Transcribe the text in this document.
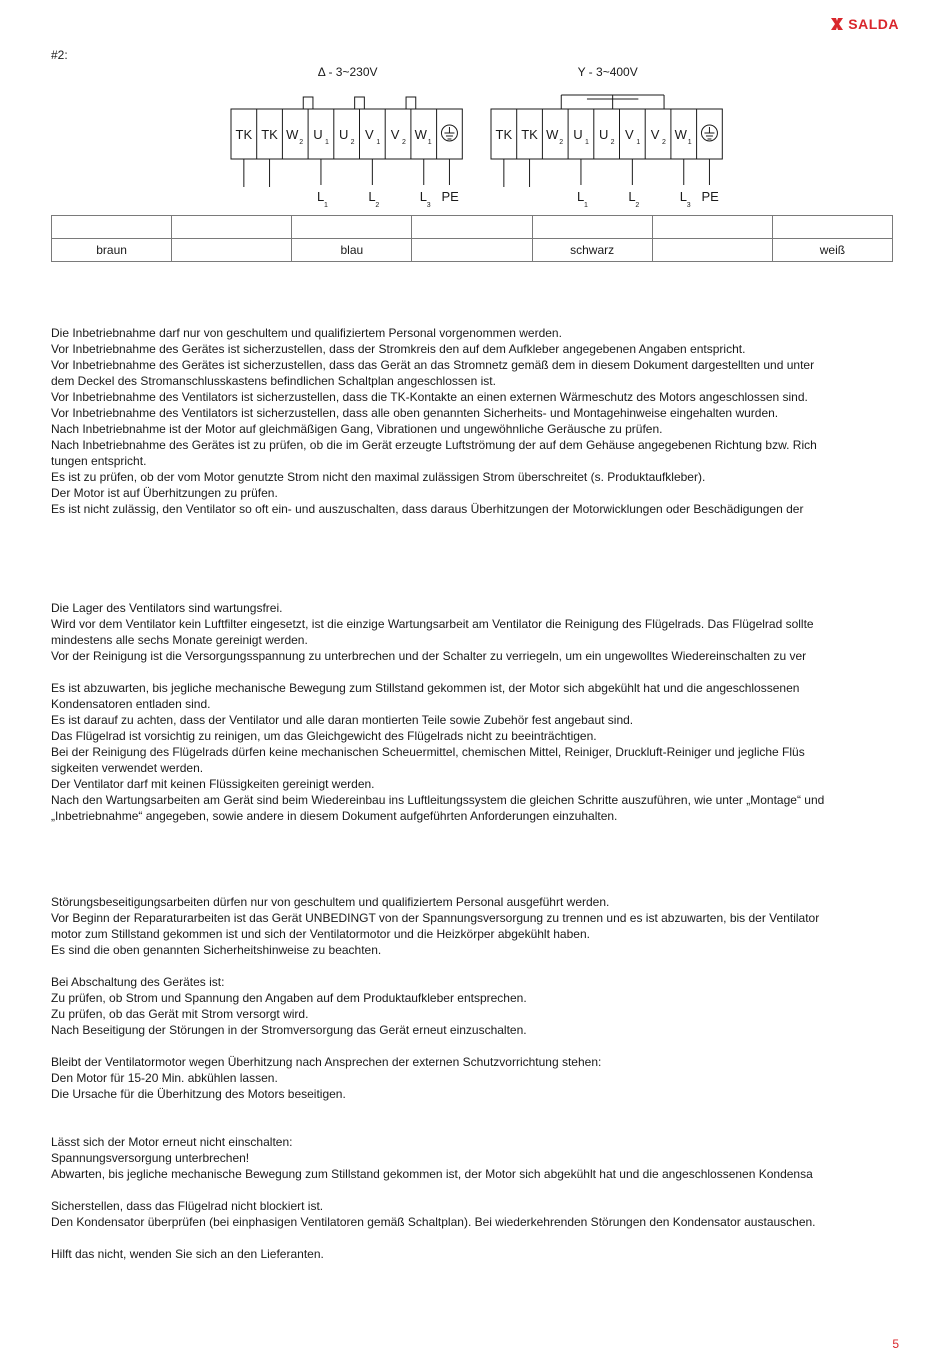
SALDA
#2:
Δ - 3~230V
TK TK W
2
U
1
U
2
V
1
V
2
W
1
L
1
L
2
L
3
PE
Y - 3~400V
TK TK W
2
U
1
U
2
V
1
V
2
W
1
L
1
L
2
L
3
PE

braun		blau		schwarz		weiß

Die Inbetriebnahme darf nur von geschultem und qualifiziertem Personal vorgenommen werden.

Vor Inbetriebnahme des Gerätes ist sicherzustellen, dass der Stromkreis den auf dem Aufkleber angegebenen Angaben entspricht.

Vor Inbetriebnahme des Gerätes ist sicherzustellen, dass das Gerät an das Stromnetz gemäß dem in diesem Dokument dargestellten und unter

dem Deckel des Stromanschlusskastens befindlichen Schaltplan angeschlossen ist.

Vor Inbetriebnahme des Ventilators ist sicherzustellen, dass die TK-Kontakte an einen externen Wärmeschutz des Motors angeschlossen sind.

Vor Inbetriebnahme des Ventilators ist sicherzustellen, dass alle oben genannten Sicherheits- und Montagehinweise eingehalten wurden.

Nach Inbetriebnahme ist der Motor auf gleichmäßigen Gang, Vibrationen und ungewöhnliche Geräusche zu prüfen.

Nach Inbetriebnahme des Gerätes ist zu prüfen, ob die im Gerät erzeugte Luftströmung der auf dem Gehäuse angegebenen Richtung bzw. Rich

tungen entspricht.

Es ist zu prüfen, ob der vom Motor genutzte Strom nicht den maximal zulässigen Strom überschreitet (s. Produktaufkleber).

Der Motor ist auf Überhitzungen zu prüfen.

Es ist nicht zulässig, den Ventilator so oft ein- und auszuschalten, dass daraus Überhitzungen der Motorwicklungen oder Beschädigungen der

Die Lager des Ventilators sind wartungsfrei.

Wird vor dem Ventilator kein Luftfilter eingesetzt, ist die einzige Wartungsarbeit am Ventilator die Reinigung des Flügelrads. Das Flügelrad sollte

mindestens alle sechs Monate gereinigt werden.

Vor der Reinigung ist die Versorgungsspannung zu unterbrechen und der Schalter zu verriegeln, um ein ungewolltes Wiedereinschalten zu ver

Es ist abzuwarten, bis jegliche mechanische Bewegung zum Stillstand gekommen ist, der Motor sich abgekühlt hat und die angeschlossenen

Kondensatoren entladen sind.

Es ist darauf zu achten, dass der Ventilator und alle daran montierten Teile sowie Zubehör fest angebaut sind.

Das Flügelrad ist vorsichtig zu reinigen, um das Gleichgewicht des Flügelrads nicht zu beeinträchtigen.

Bei der Reinigung des Flügelrads dürfen keine mechanischen Scheuermittel, chemischen Mittel, Reiniger, Druckluft-Reiniger und jegliche Flüs

sigkeiten verwendet werden.

Der Ventilator darf mit keinen Flüssigkeiten gereinigt werden.

Nach den Wartungsarbeiten am Gerät sind beim Wiedereinbau ins Luftleitungssystem die gleichen Schritte auszuführen, wie unter „Montage“ und

„Inbetriebnahme“ angegeben, sowie andere in diesem Dokument aufgeführten Anforderungen einzuhalten.

Störungsbeseitigungsarbeiten dürfen nur von geschultem und qualifiziertem Personal ausgeführt werden.

Vor Beginn der Reparaturarbeiten ist das Gerät UNBEDINGT von der Spannungsversorgung zu trennen und es ist abzuwarten, bis der Ventilator

motor zum Stillstand gekommen ist und sich der Ventilatormotor und die Heizkörper abgekühlt haben.

Es sind die oben genannten Sicherheitshinweise zu beachten.

Bei Abschaltung des Gerätes ist:

Zu prüfen, ob Strom und Spannung den Angaben auf dem Produktaufkleber entsprechen.

Zu prüfen, ob das Gerät mit Strom versorgt wird.

Nach Beseitigung der Störungen in der Stromversorgung das Gerät erneut einzuschalten.

Bleibt der Ventilatormotor wegen Überhitzung nach Ansprechen der externen Schutzvorrichtung stehen:

Den Motor für 15-20 Min. abkühlen lassen.

Die Ursache für die Überhitzung des Motors beseitigen.

Lässt sich der Motor erneut nicht einschalten:

Spannungsversorgung unterbrechen!

Abwarten, bis jegliche mechanische Bewegung zum Stillstand gekommen ist, der Motor sich abgekühlt hat und die angeschlossenen Kondensa

Sicherstellen, dass das Flügelrad nicht blockiert ist.

Den Kondensator überprüfen (bei einphasigen Ventilatoren gemäß Schaltplan). Bei wiederkehrenden Störungen den Kondensator austauschen.

Hilft das nicht, wenden Sie sich an den Lieferanten.

5
